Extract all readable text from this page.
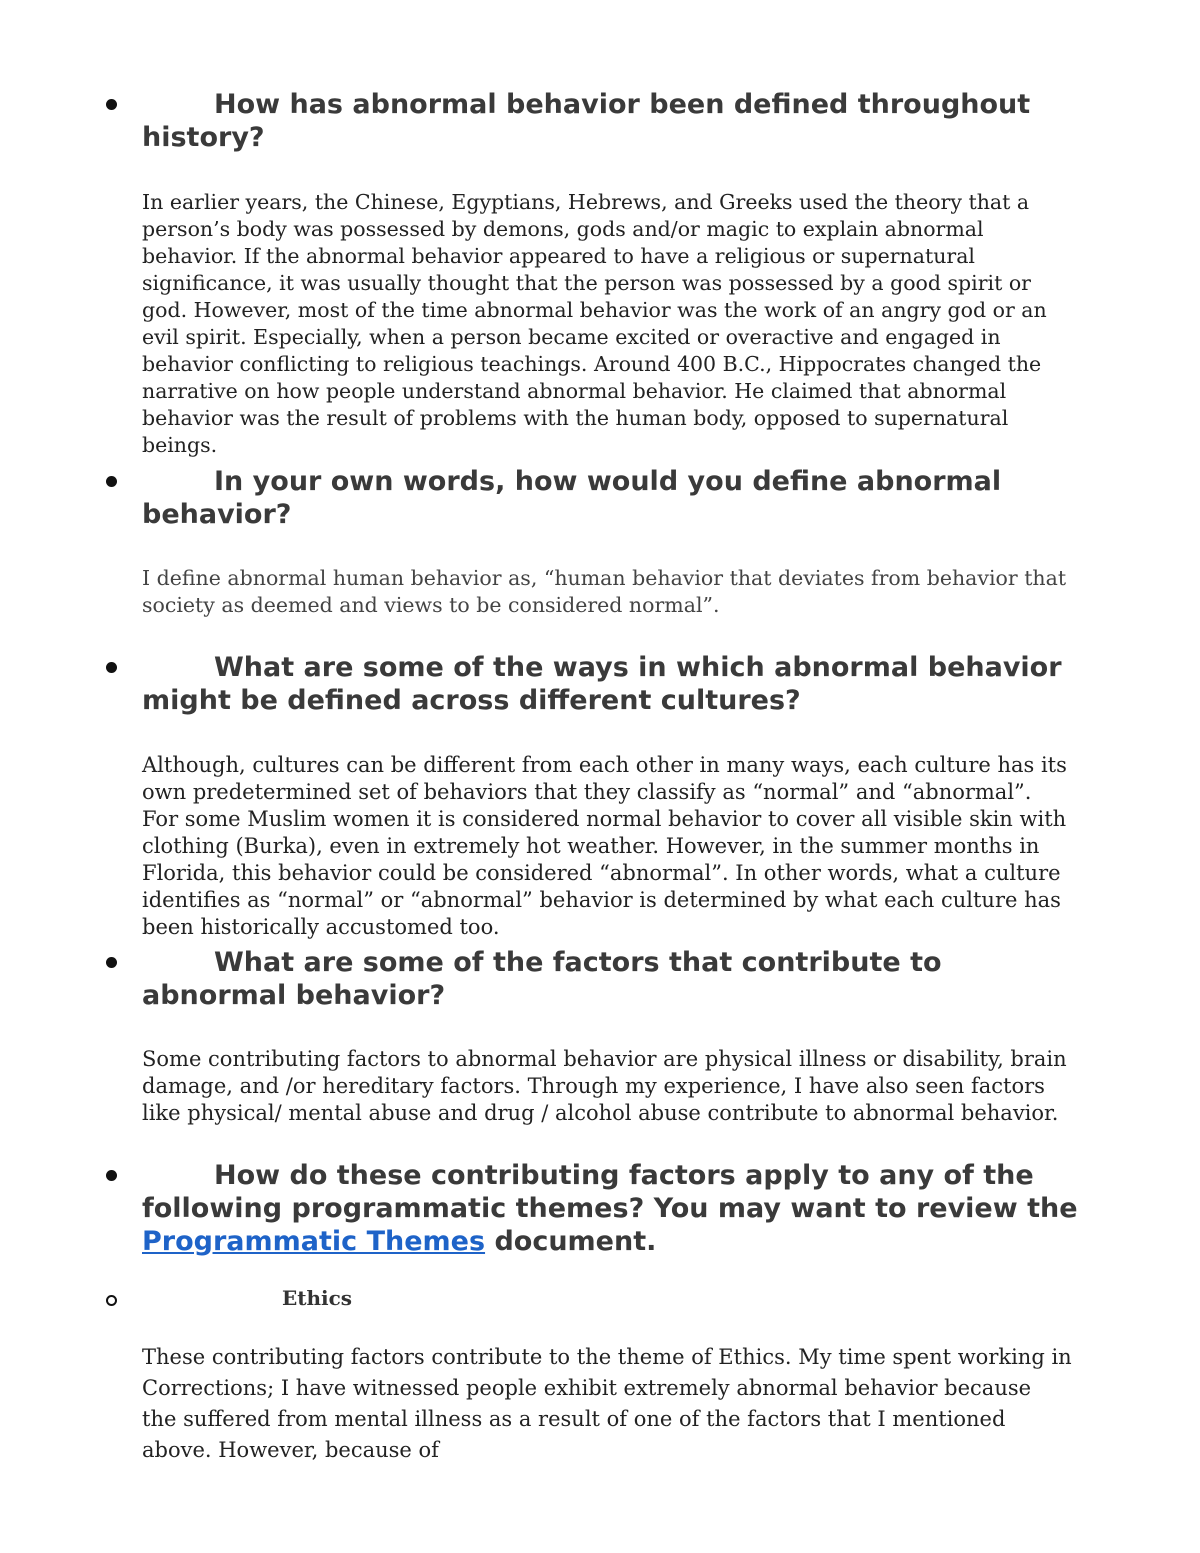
How has abnormal behavior been defined throughout history?

In earlier years, the Chinese, Egyptians, Hebrews, and Greeks used the theory that a person’s body was possessed by demons, gods and/or magic to explain abnormal behavior. If the abnormal behavior appeared to have a religious or supernatural significance, it was usually thought that the person was possessed by a good spirit or god. However, most of the time abnormal behavior was the work of an angry god or an evil spirit. Especially, when a person became excited or overactive and engaged in behavior conflicting to religious teachings. Around 400 B.C., Hippocrates changed the narrative on how people understand abnormal behavior. He claimed that abnormal behavior was the result of problems with the human body, opposed to supernatural beings.

In your own words, how would you define abnormal behavior?

I define abnormal human behavior as, “human behavior that deviates from behavior that society as deemed and views to be considered normal”.

What are some of the ways in which abnormal behavior might be defined across different cultures?

Although, cultures can be different from each other in many ways, each culture has its own predetermined set of behaviors that they classify as “normal” and “abnormal”. For some Muslim women it is considered normal behavior to cover all visible skin with clothing (Burka), even in extremely hot weather. However, in the summer months in Florida, this behavior could be considered “abnormal”. In other words, what a culture identifies as “normal” or “abnormal” behavior is determined by what each culture has been historically accustomed too.

What are some of the factors that contribute to abnormal behavior?

Some contributing factors to abnormal behavior are physical illness or disability, brain damage, and /or hereditary factors. Through my experience, I have also seen factors like physical/ mental abuse and drug / alcohol abuse contribute to abnormal behavior.

How do these contributing factors apply to any of the following programmatic themes? You may want to review the Programmatic Themes document.

Ethics

These contributing factors contribute to the theme of Ethics. My time spent working in Corrections; I have witnessed people exhibit extremely abnormal behavior because the suffered from mental illness as a result of one of the factors that I mentioned above. However, because of
